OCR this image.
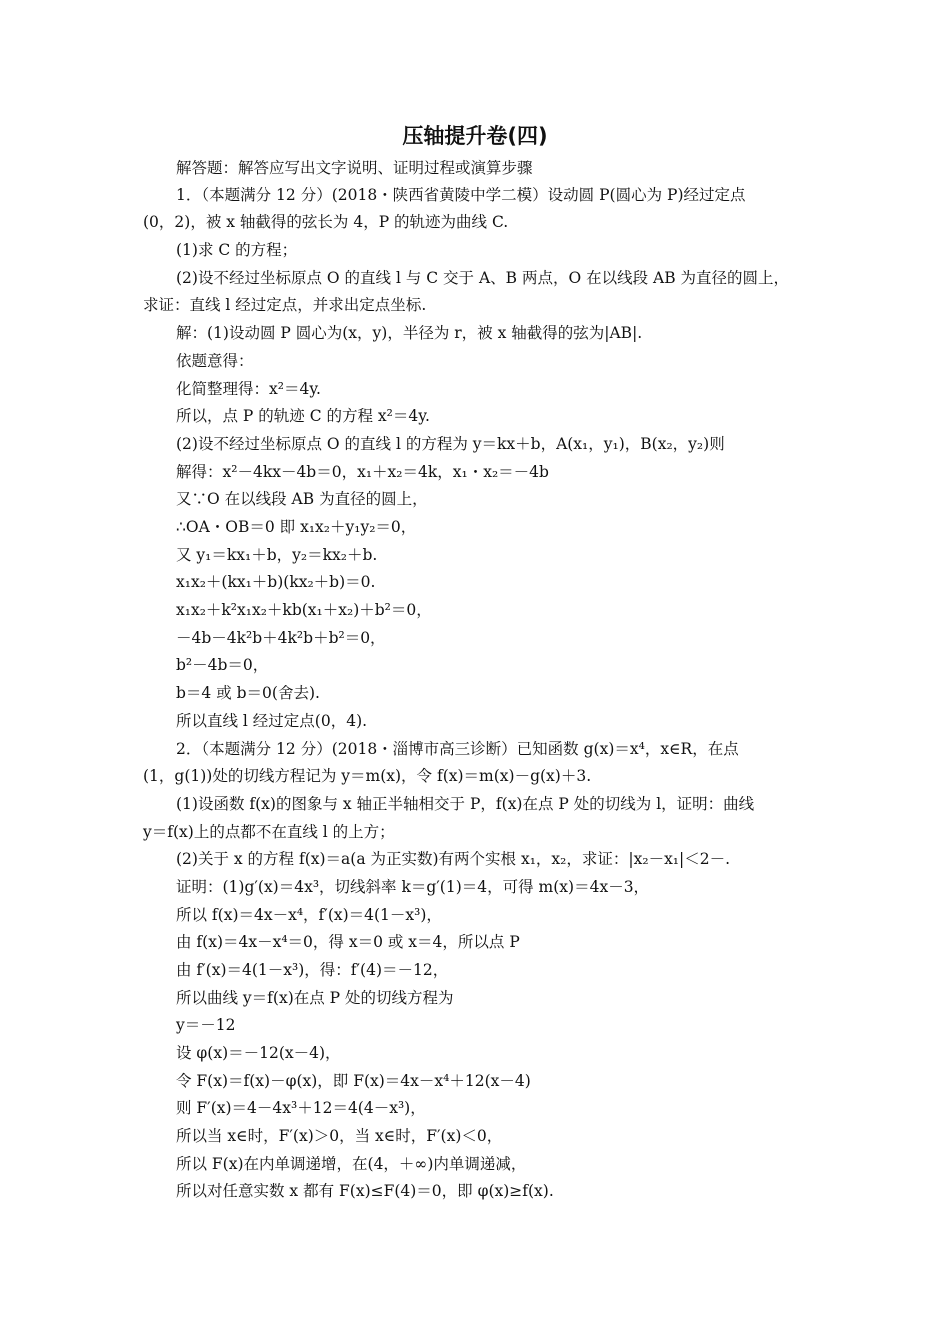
压轴提升卷(四)
解答题：解答应写出文字说明、证明过程或演算步骤
1．（本题满分 12 分）(2018・陕西省黄陵中学二模）设动圆 P(圆心为 P)经过定点
(0，2)，被 x 轴截得的弦长为 4，P 的轨迹为曲线 C.
(1)求 C 的方程；
(2)设不经过坐标原点 O 的直线 l 与 C 交于 A、B 两点，O 在以线段 AB 为直径的圆上，
求证：直线 l 经过定点，并求出定点坐标.
解：(1)设动圆 P 圆心为(x，y)，半径为 r，被 x 轴截得的弦为|AB|.
依题意得：
化简整理得：x²＝4y.
所以，点 P 的轨迹 C 的方程 x²＝4y.
(2)设不经过坐标原点 O 的直线 l 的方程为 y＝kx＋b，A(x₁，y₁)，B(x₂，y₂)则
解得：x²－4kx－4b＝0，x₁＋x₂＝4k，x₁・x₂＝－4b
又∵O 在以线段 AB 为直径的圆上，
∴OA・OB＝0 即 x₁x₂＋y₁y₂＝0，
又 y₁＝kx₁＋b，y₂＝kx₂＋b.
x₁x₂＋(kx₁＋b)(kx₂＋b)＝0.
x₁x₂＋k²x₁x₂＋kb(x₁＋x₂)＋b²＝0，
－4b－4k²b＋4k²b＋b²＝0，
b²－4b＝0，
b＝4 或 b＝0(舍去).
所以直线 l 经过定点(0，4).
2．（本题满分 12 分）(2018・淄博市高三诊断）已知函数 g(x)＝x⁴，x∈R，在点
(1，g(1))处的切线方程记为 y＝m(x)，令 f(x)＝m(x)－g(x)＋3.
(1)设函数 f(x)的图象与 x 轴正半轴相交于 P，f(x)在点 P 处的切线为 l，证明：曲线
y＝f(x)上的点都不在直线 l 的上方；
(2)关于 x 的方程 f(x)＝a(a 为正实数)有两个实根 x₁，x₂，求证：|x₂－x₁|＜2－.
证明：(1)g′(x)＝4x³，切线斜率 k＝g′(1)＝4，可得 m(x)＝4x－3，
所以 f(x)＝4x－x⁴，f′(x)＝4(1－x³)，
由 f(x)＝4x－x⁴＝0，得 x＝0 或 x＝4，所以点 P
由 f′(x)＝4(1－x³)，得：f′(4)＝－12，
所以曲线 y＝f(x)在点 P 处的切线方程为
y＝－12
设 φ(x)＝－12(x－4)，
令 F(x)＝f(x)－φ(x)，即 F(x)＝4x－x⁴＋12(x－4)
则 F′(x)＝4－4x³＋12＝4(4－x³)，
所以当 x∈时，F′(x)＞0，当 x∈时，F′(x)＜0，
所以 F(x)在内单调递增，在(4，＋∞)内单调递减，
所以对任意实数 x 都有 F(x)≤F(4)＝0，即 φ(x)≥f(x).
